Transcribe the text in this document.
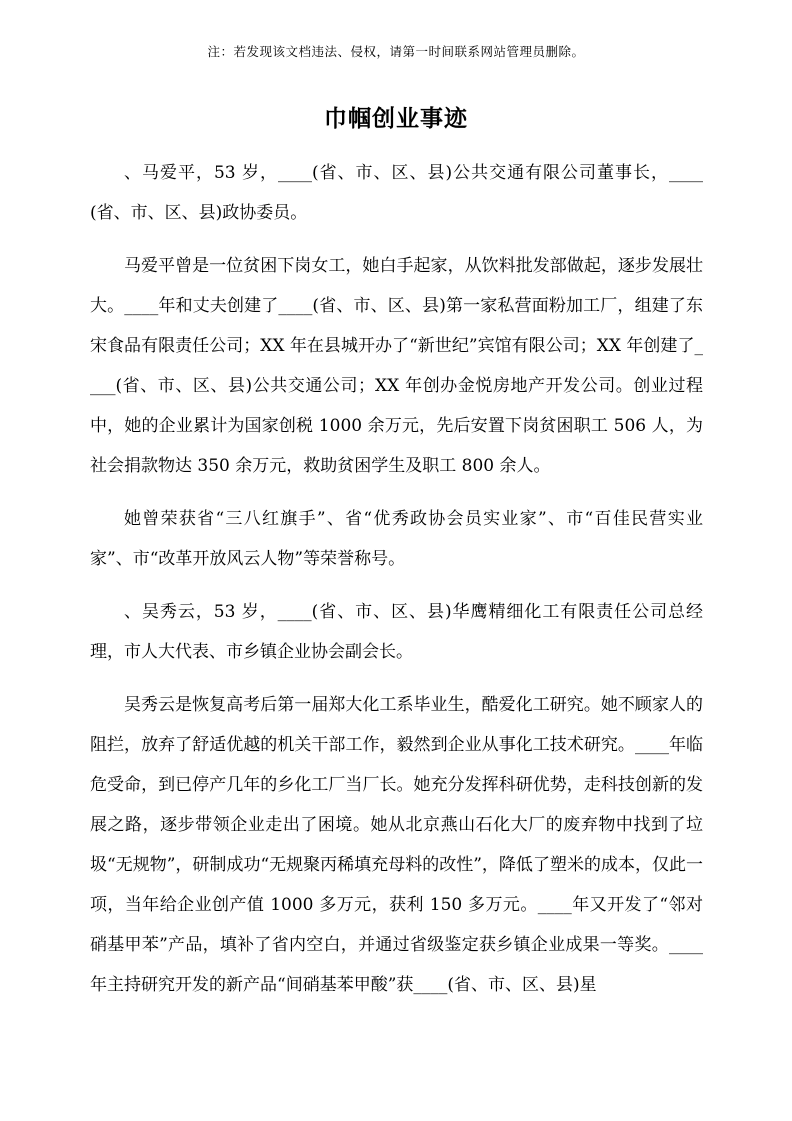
注：若发现该文档违法、侵权，请第一时间联系网站管理员删除。
巾帼创业事迹

、马爱平，53 岁，____(省、市、区、县)公共交通有限公司董事长，____(省、市、区、县)政协委员。

马爱平曾是一位贫困下岗女工，她白手起家，从饮料批发部做起，逐步发展壮大。____年和丈夫创建了____(省、市、区、县)第一家私营面粉加工厂，组建了东宋食品有限责任公司；XX 年在县城开办了“新世纪”宾馆有限公司；XX 年创建了____(省、市、区、县)公共交通公司；XX 年创办金悦房地产开发公司。创业过程中，她的企业累计为国家创税 1000 余万元，先后安置下岗贫困职工 506 人，为社会捐款物达 350 余万元，救助贫困学生及职工 800 余人。

她曾荣获省“三八红旗手”、省“优秀政协会员实业家”、市“百佳民营实业家”、市“改革开放风云人物”等荣誉称号。

、吴秀云，53 岁，____(省、市、区、县)华鹰精细化工有限责任公司总经理，市人大代表、市乡镇企业协会副会长。

吴秀云是恢复高考后第一届郑大化工系毕业生，酷爱化工研究。她不顾家人的阻拦，放弃了舒适优越的机关干部工作，毅然到企业从事化工技术研究。____年临危受命，到已停产几年的乡化工厂当厂长。她充分发挥科研优势，走科技创新的发展之路，逐步带领企业走出了困境。她从北京燕山石化大厂的废弃物中找到了垃圾“无规物”，研制成功“无规聚丙稀填充母料的改性”，降低了塑米的成本，仅此一项，当年给企业创产值 1000 多万元，获利 150 多万元。____年又开发了“邻对硝基甲苯”产品，填补了省内空白，并通过省级鉴定获乡镇企业成果一等奖。____年主持研究开发的新产品“间硝基苯甲酸”获____(省、市、区、县)星
